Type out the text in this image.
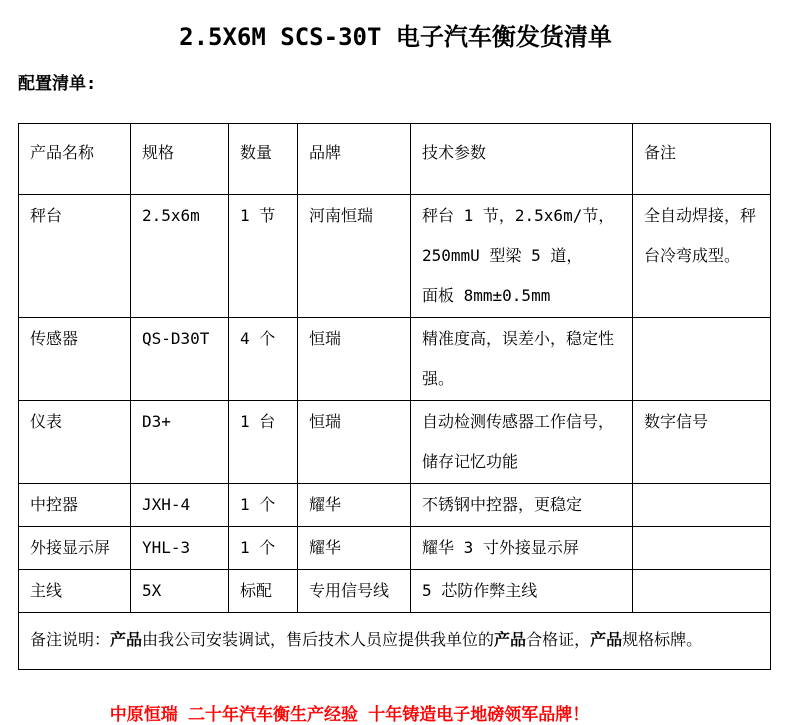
2.5X6M SCS-30T 电子汽车衡发货清单
配置清单:
产品名称	规格	数量	品牌	技术参数	备注
秤台	2.5x6m	1 节	河南恒瑞	秤台 1 节，2.5x6m/节，
250mmU 型梁 5 道，
面板 8mm±0.5mm	全自动焊接，秤台冷弯成型。
传感器	QS-D30T	4 个	恒瑞	精准度高，误差小，稳定性强。	
仪表	D3+	1 台	恒瑞	自动检测传感器工作信号，储存记忆功能	数字信号
中控器	JXH-4	1 个	耀华	不锈钢中控器，更稳定	
外接显示屏	YHL-3	1 个	耀华	耀华 3 寸外接显示屏	
主线	5X	标配	专用信号线	5 芯防作弊主线	
备注说明：产品由我公司安装调试，售后技术人员应提供我单位的产品合格证，产品规格标牌。					
中原恒瑞 二十年汽车衡生产经验 十年铸造电子地磅领军品牌！
